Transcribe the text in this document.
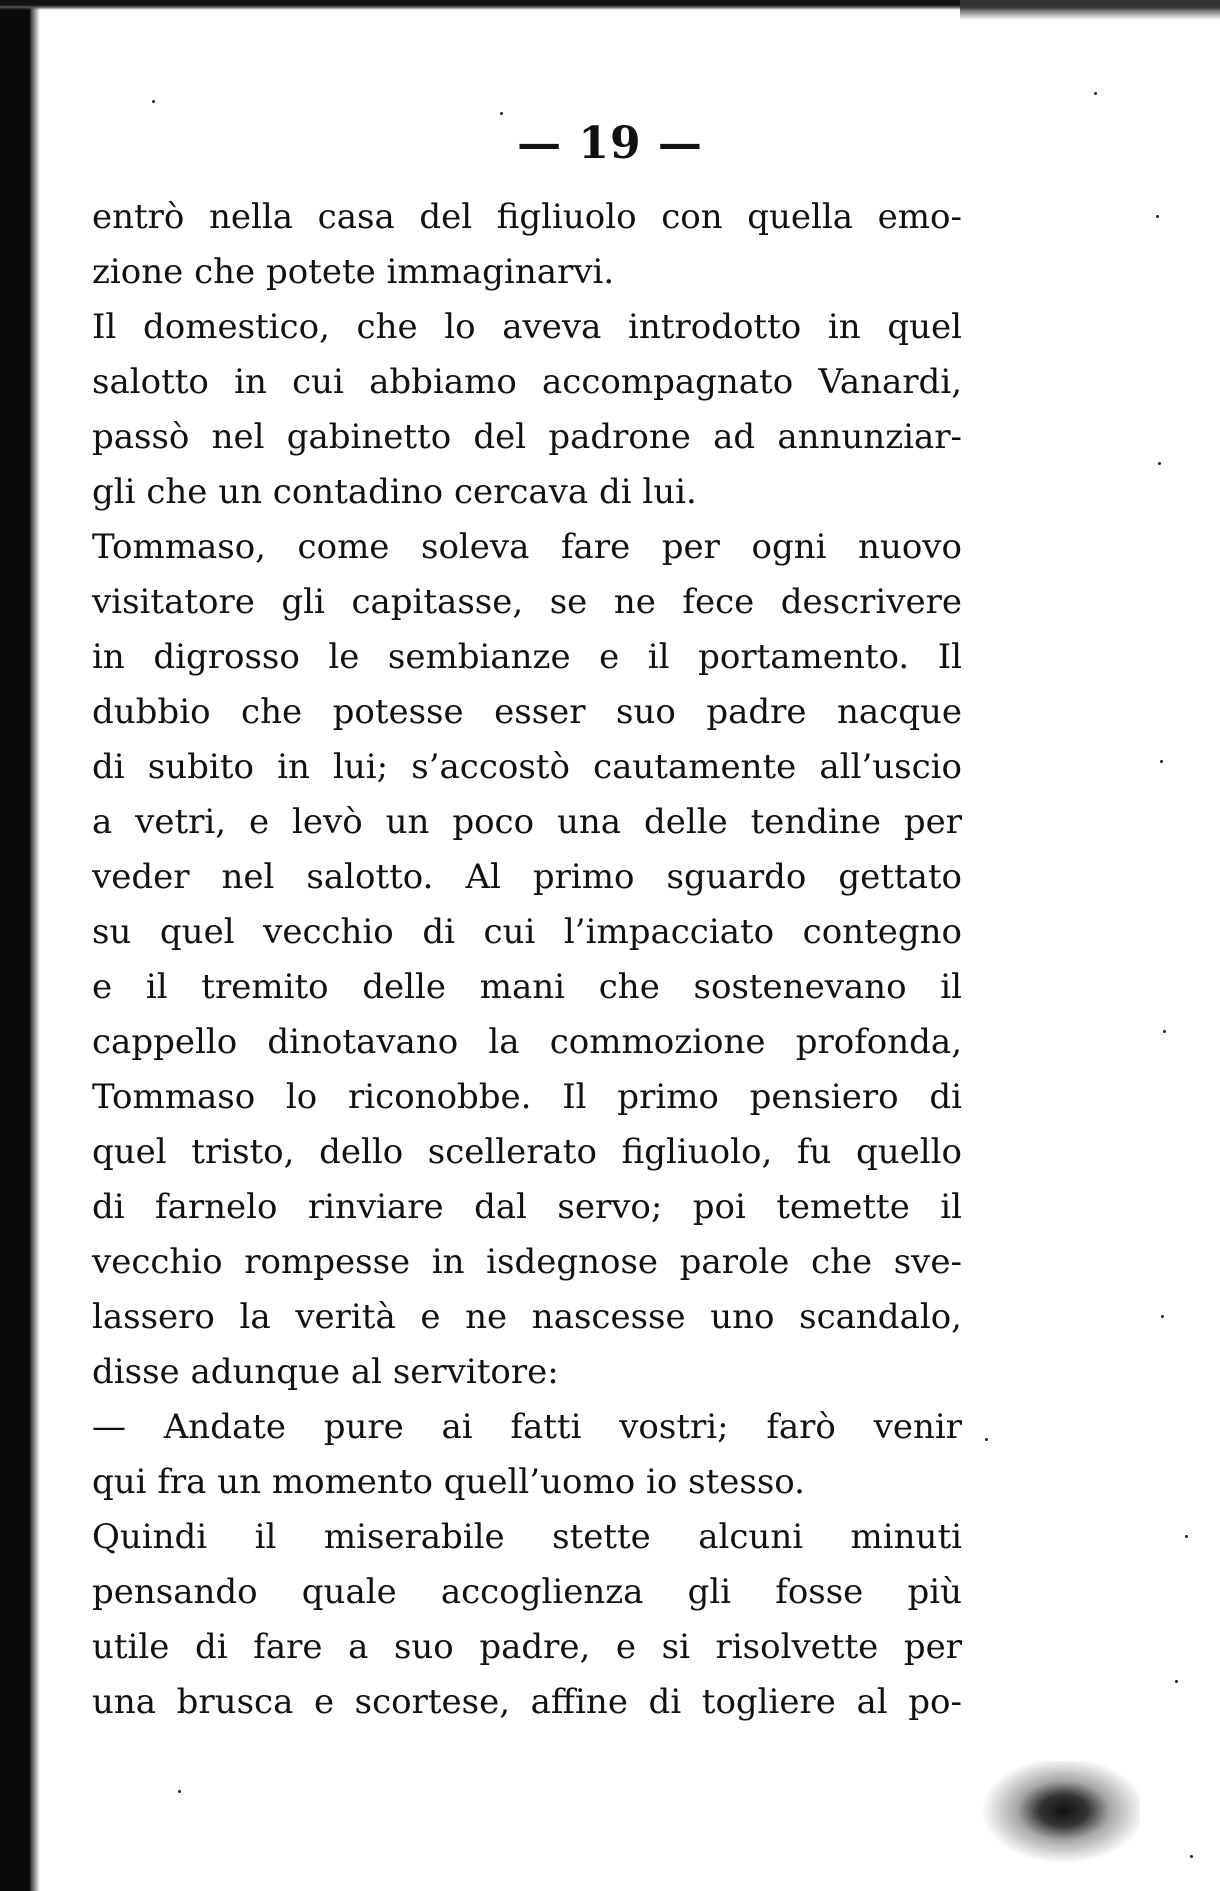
— 19 —
entrò nella casa del figliuolo con quella emo-
zione che potete immaginarvi.
Il domestico, che lo aveva introdotto in quel
salotto in cui abbiamo accompagnato Vanardi,
passò nel gabinetto del padrone ad annunziar-
gli che un contadino cercava di lui.
Tommaso, come soleva fare per ogni nuovo
visitatore gli capitasse, se ne fece descrivere
in digrosso le sembianze e il portamento. Il
dubbio che potesse esser suo padre nacque
di subito in lui; s’accostò cautamente all’uscio
a vetri, e levò un poco una delle tendine per
veder nel salotto. Al primo sguardo gettato
su quel vecchio di cui l’impacciato contegno
e il tremito delle mani che sostenevano il
cappello dinotavano la commozione profonda,
Tommaso lo riconobbe. Il primo pensiero di
quel tristo, dello scellerato figliuolo, fu quello
di farnelo rinviare dal servo; poi temette il
vecchio rompesse in isdegnose parole che sve-
lassero la verità e ne nascesse uno scandalo,
disse adunque al servitore:
— Andate pure ai fatti vostri; farò venir
qui fra un momento quell’uomo io stesso.
Quindi il miserabile stette alcuni minuti
pensando quale accoglienza gli fosse più
utile di fare a suo padre, e si risolvette per
una brusca e scortese, affine di togliere al po-
